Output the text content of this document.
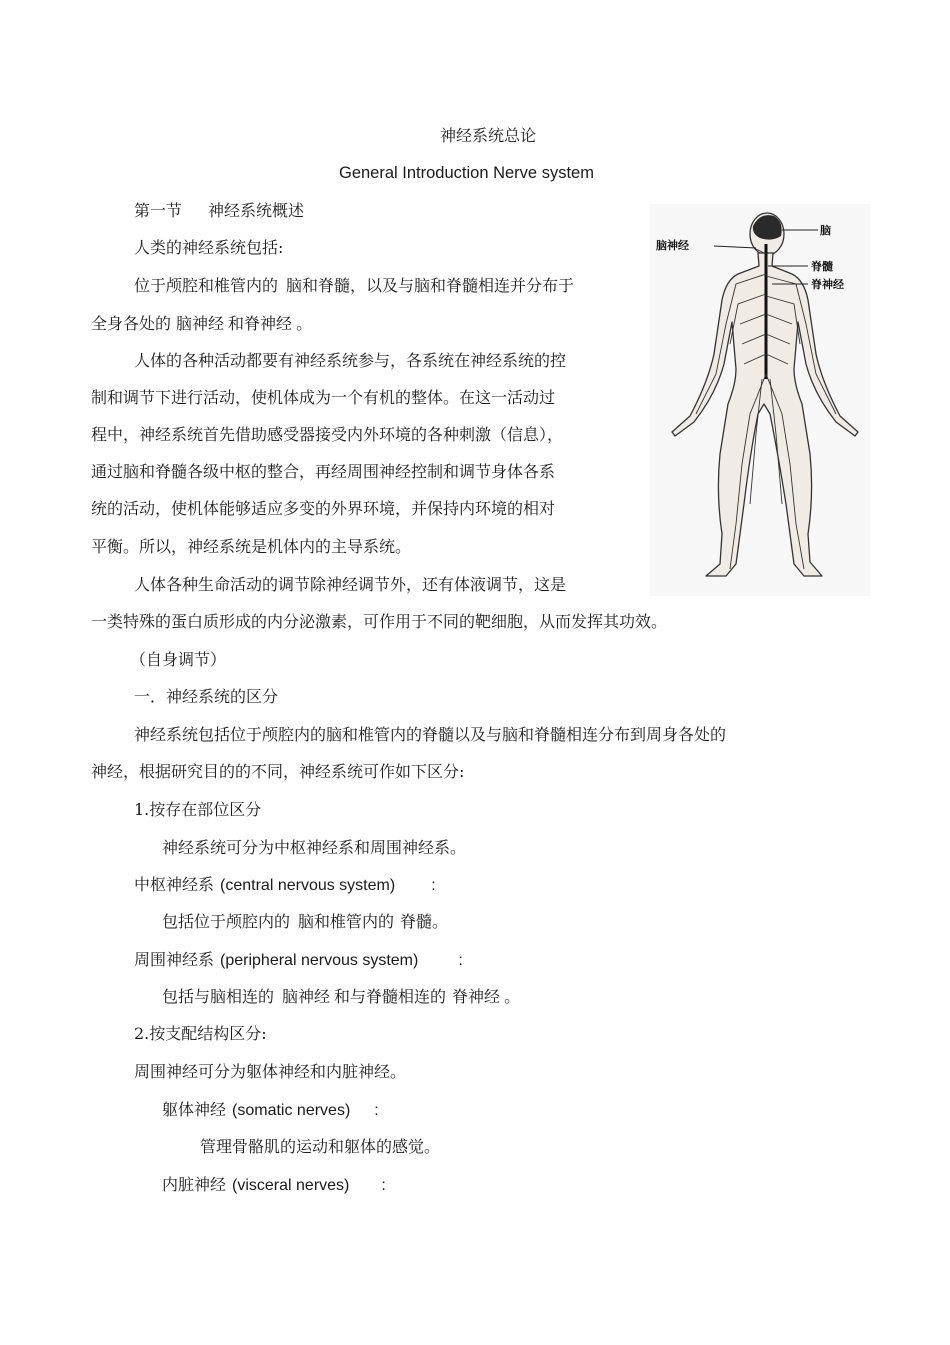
神经系统总论
General Introduction Nerve system
第一节 神经系统概述
人类的神经系统包括:
位于颅腔和椎管内的 脑和脊髓，以及与脑和脊髓相连并分布于
全身各处的 脑神经 和脊神经 。
人体的各种活动都要有神经系统参与，各系统在神经系统的控
制和调节下进行活动，使机体成为一个有机的整体。在这一活动过
程中，神经系统首先借助感受器接受内外环境的各种刺激（信息），
通过脑和脊髓各级中枢的整合，再经周围神经控制和调节身体各系
统的活动，使机体能够适应多变的外界环境，并保持内环境的相对
平衡。所以，神经系统是机体内的主导系统。
人体各种生命活动的调节除神经调节外，还有体液调节，这是
一类特殊的蛋白质形成的内分泌激素，可作用于不同的靶细胞，从而发挥其功效。
（自身调节）
一．神经系统的区分
神经系统包括位于颅腔内的脑和椎管内的脊髓以及与脑和脊髓相连分布到周身各处的
神经，根据研究目的的不同，神经系统可作如下区分:
1.按存在部位区分
神经系统可分为中枢神经系和周围神经系。
中枢神经系 (central nervous system) :
包括位于颅腔内的 脑和椎管内的 脊髓。
周围神经系 (peripheral nervous system)	:
包括与脑相连的 脑神经 和与脊髓相连的 脊神经 。
2.按支配结构区分:
周围神经可分为躯体神经和内脏神经。
躯体神经 (somatic nerves) :
管理骨骼肌的运动和躯体的感觉。
内脏神经 (visceral nerves) :
脑
脑神经
脊髓
脊神经
